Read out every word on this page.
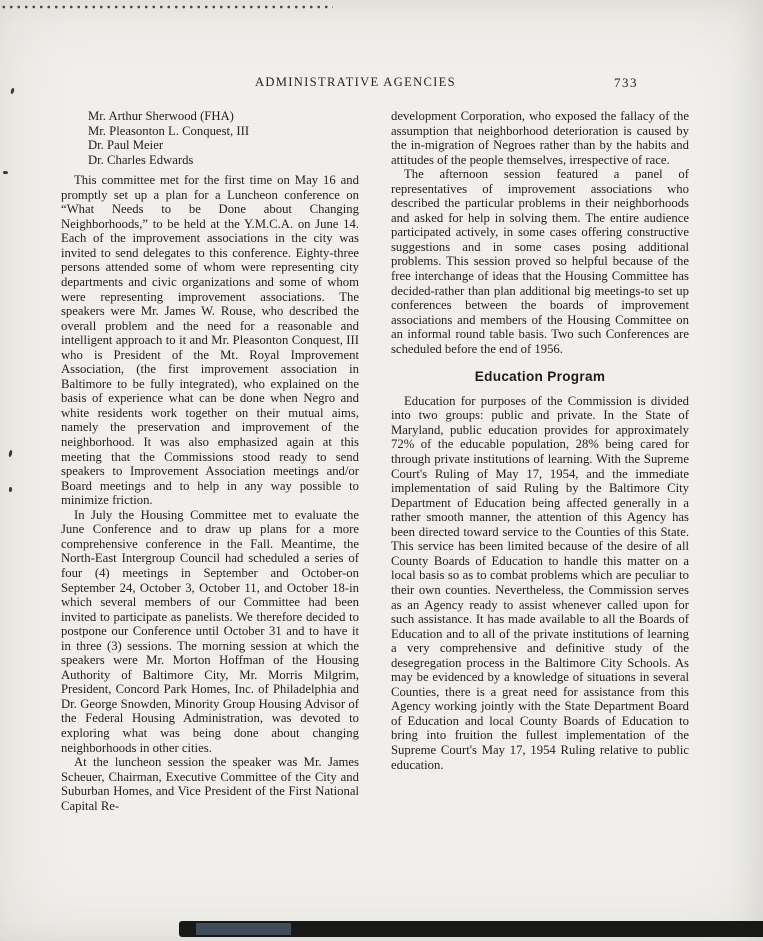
ADMINISTRATIVE AGENCIES	733
Mr. Arthur Sherwood (FHA)
Mr. Pleasonton L. Conquest, III
Dr. Paul Meier
Dr. Charles Edwards

This committee met for the first time on May 16 and promptly set up a plan for a Luncheon conference on “What Needs to be Done about Changing Neighborhoods,” to be held at the Y.M.C.A. on June 14. Each of the improvement associations in the city was invited to send delegates to this conference. Eighty-three persons attended some of whom were representing city departments and civic organizations and some of whom were representing improvement associations. The speakers were Mr. James W. Rouse, who described the overall problem and the need for a reasonable and intelligent approach to it and Mr. Pleasonton Conquest, III who is President of the Mt. Royal Improvement Association, (the first improvement association in Baltimore to be fully integrated), who explained on the basis of experience what can be done when Negro and white residents work together on their mutual aims, namely the preservation and improvement of the neighborhood. It was also emphasized again at this meeting that the Commissions stood ready to send speakers to Improvement Association meetings and/or Board meetings and to help in any way possible to minimize friction.

In July the Housing Committee met to evaluate the June Conference and to draw up plans for a more comprehensive conference in the Fall. Meantime, the North-East Intergroup Council had scheduled a series of four (4) meetings in September and October-on September 24, October 3, October 11, and October 18-in which several members of our Committee had been invited to participate as panelists. We therefore decided to postpone our Conference until October 31 and to have it in three (3) sessions. The morning session at which the speakers were Mr. Morton Hoffman of the Housing Authority of Baltimore City, Mr. Morris Milgrim, President, Concord Park Homes, Inc. of Philadelphia and Dr. George Snowden, Minority Group Housing Advisor of the Federal Housing Administration, was devoted to exploring what was being done about changing neighborhoods in other cities.

At the luncheon session the speaker was Mr. James Scheuer, Chairman, Executive Committee of the City and Suburban Homes, and Vice President of the First National Capital Re-

development Corporation, who exposed the fallacy of the assumption that neighborhood deterioration is caused by the in-migration of Negroes rather than by the habits and attitudes of the people themselves, irrespective of race.

The afternoon session featured a panel of representatives of improvement associations who described the particular problems in their neighborhoods and asked for help in solving them. The entire audience participated actively, in some cases offering constructive suggestions and in some cases posing additional problems. This session proved so helpful because of the free interchange of ideas that the Housing Committee has decided-rather than plan additional big meetings-to set up conferences between the boards of improvement associations and members of the Housing Committee on an informal round table basis. Two such Conferences are scheduled before the end of 1956.

Education Program

Education for purposes of the Commission is divided into two groups: public and private. In the State of Maryland, public education provides for approximately 72% of the educable population, 28% being cared for through private institutions of learning. With the Supreme Court's Ruling of May 17, 1954, and the immediate implementation of said Ruling by the Baltimore City Department of Education being affected generally in a rather smooth manner, the attention of this Agency has been directed toward service to the Counties of this State. This service has been limited because of the desire of all County Boards of Education to handle this matter on a local basis so as to combat problems which are peculiar to their own counties. Nevertheless, the Commission serves as an Agency ready to assist whenever called upon for such assistance. It has made available to all the Boards of Education and to all of the private institutions of learning a very comprehensive and definitive study of the desegregation process in the Baltimore City Schools. As may be evidenced by a knowledge of situations in several Counties, there is a great need for assistance from this Agency working jointly with the State Department Board of Education and local County Boards of Education to bring into fruition the fullest implementation of the Supreme Court's May 17, 1954 Ruling relative to public education.
